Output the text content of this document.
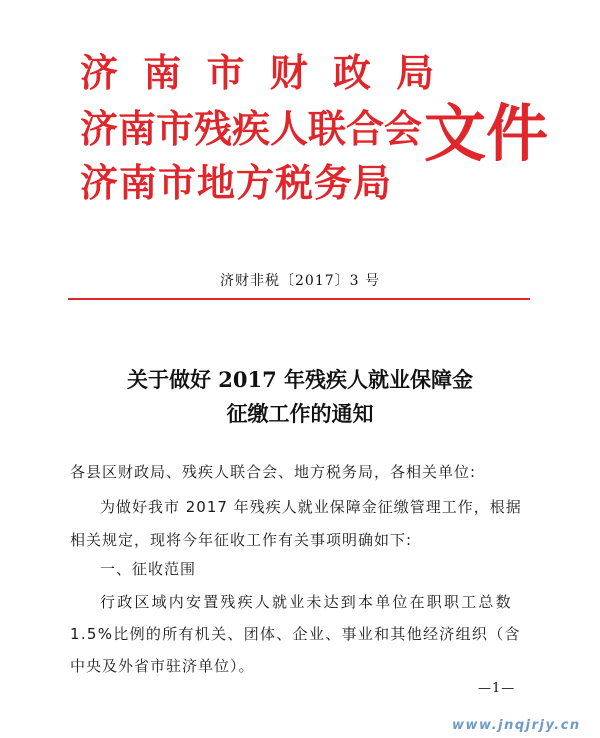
济 南 市 财 政 局
济南市残疾人联合会
济南市地方税务局
文件
济财非税〔2017〕3 号
关于做好 2017 年残疾人就业保障金
征缴工作的通知
各县区财政局、残疾人联合会、地方税务局，各相关单位:
为做好我市 2017 年残疾人就业保障金征缴管理工作，根据
相关规定，现将今年征收工作有关事项明确如下:
一、征收范围
行政区域内安置残疾人就业未达到本单位在职职工总数
1.5%比例的所有机关、团体、企业、事业和其他经济组织（含
中央及外省市驻济单位）。
—1—
www.jnqjrjy.cn
